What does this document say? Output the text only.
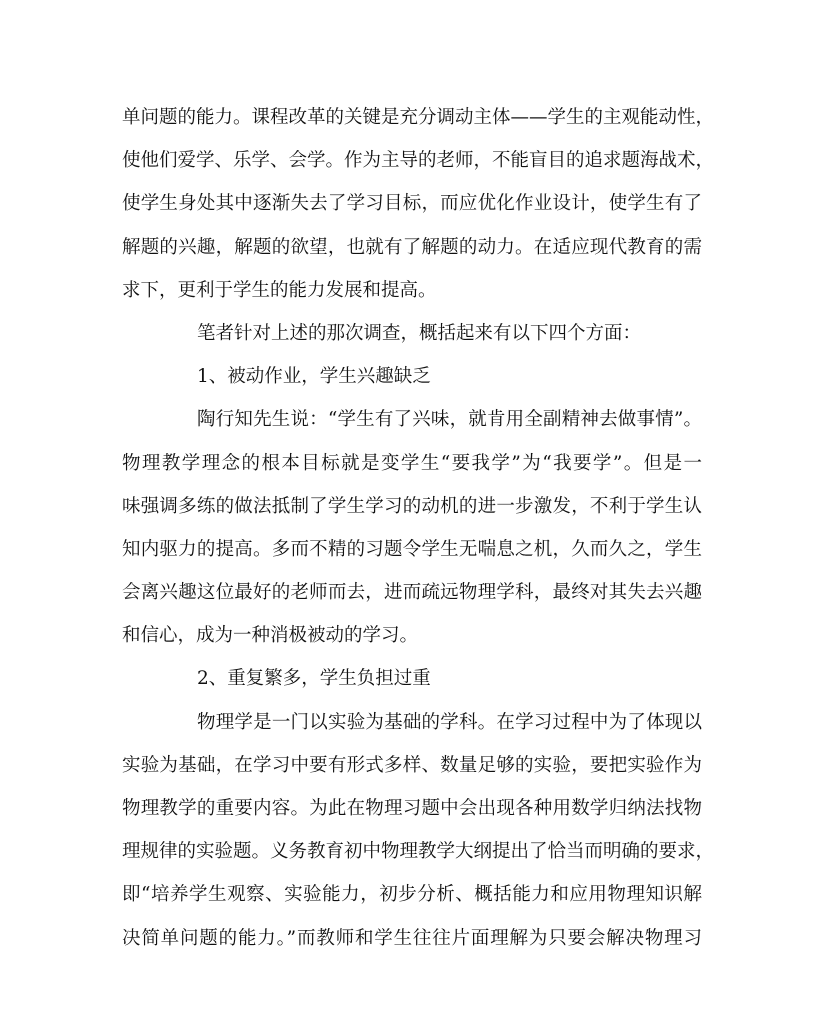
单问题的能力。课程改革的关键是充分调动主体——学生的主观能动性，
使他们爱学、乐学、会学。作为主导的老师，不能盲目的追求题海战术，
使学生身处其中逐渐失去了学习目标，而应优化作业设计，使学生有了
解题的兴趣，解题的欲望，也就有了解题的动力。在适应现代教育的需
求下，更利于学生的能力发展和提高。
笔者针对上述的那次调查，概括起来有以下四个方面：
1、被动作业，学生兴趣缺乏
陶行知先生说：“学生有了兴味，就肯用全副精神去做事情”。
物理教学理念的根本目标就是变学生“要我学”为“我要学”。但是一
味强调多练的做法抵制了学生学习的动机的进一步激发，不利于学生认
知内驱力的提高。多而不精的习题令学生无喘息之机，久而久之，学生
会离兴趣这位最好的老师而去，进而疏远物理学科，最终对其失去兴趣
和信心，成为一种消极被动的学习。
2、重复繁多，学生负担过重
物理学是一门以实验为基础的学科。在学习过程中为了体现以
实验为基础，在学习中要有形式多样、数量足够的实验，要把实验作为
物理教学的重要内容。为此在物理习题中会出现各种用数学归纳法找物
理规律的实验题。义务教育初中物理教学大纲提出了恰当而明确的要求，
即“培养学生观察、实验能力，初步分析、概括能力和应用物理知识解
决简单问题的能力。”而教师和学生往往片面理解为只要会解决物理习
